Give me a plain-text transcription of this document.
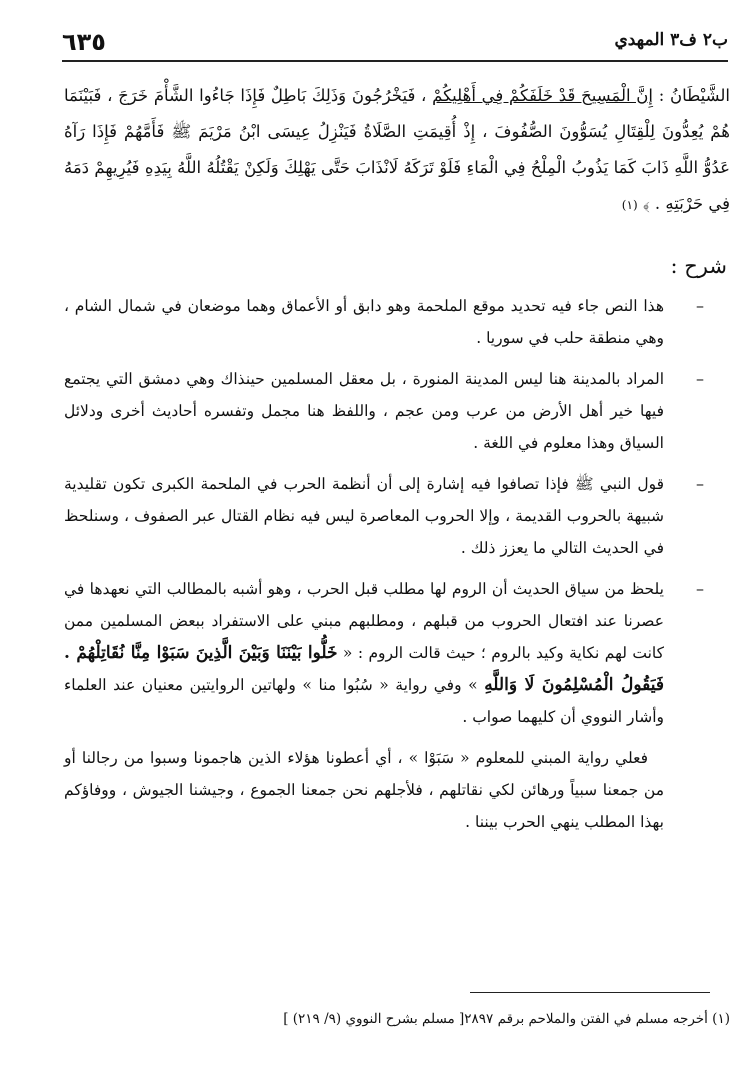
٦٣٥	ب٢ ف٣ المهدي
الشَّيْطَانُ : إِنَّ الْمَسِيحَ قَدْ خَلَفَكُمْ فِي أَهْلِيكُمْ ، فَيَخْرُجُونَ وَذَلِكَ بَاطِلٌ فَإِذَا جَاءُوا الشَّأْمَ خَرَجَ ، فَبَيْنَمَا هُمْ يُعِدُّونَ لِلْقِتَالِ يُسَوُّونَ الصُّفُوفَ ، إِذْ أُقِيمَتِ الصَّلَاةُ فَيَنْزِلُ عِيسَى ابْنُ مَرْيَمَ ﷺ فَأَمَّهُمْ فَإِذَا رَآهُ عَدُوُّ اللَّهِ ذَابَ كَمَا يَذُوبُ الْمِلْحُ فِي الْمَاءِ فَلَوْ تَرَكَهُ لَانْذَابَ حَتَّى يَهْلِكَ وَلَكِنْ يَقْتُلُهُ اللَّهُ بِيَدِهِ فَيُرِيهِمْ دَمَهُ فِي حَرْبَتِهِ . ﴾ (١)
شرح :

–
هذا النص جاء فيه تحديد موقع الملحمة وهو دابق أو الأعماق وهما موضعان في شمال الشام ، وهي منطقة حلب في سوريا .

–
المراد بالمدينة هنا ليس المدينة المنورة ، بل معقل المسلمين حينذاك وهي دمشق التي يجتمع فيها خير أهل الأرض من عرب ومن عجم ، واللفظ هنا مجمل وتفسره أحاديث أخرى ودلائل السياق وهذا معلوم في اللغة .

–
قول النبي ﷺ فإذا تصافوا فيه إشارة إلى أن أنظمة الحرب في الملحمة الكبرى تكون تقليدية شبيهة بالحروب القديمة ، وإلا الحروب المعاصرة ليس فيه نظام القتال عبر الصفوف ، وسنلحظ في الحديث التالي ما يعزز ذلك .

–
يلحظ من سياق الحديث أن الروم لها مطلب قبل الحرب ، وهو أشبه بالمطالب التي نعهدها في عصرنا عند افتعال الحروب من قبلهم ، ومطلبهم مبني على الاستفراد ببعض المسلمين ممن كانت لهم نكاية وكيد بالروم ؛ حيث قالت الروم : « خَلُّوا بَيْنَنَا وَبَيْنَ الَّذِينَ سَبَوْا مِنَّا نُقَاتِلْهُمْ . فَيَقُولُ الْمُسْلِمُونَ لَا وَاللَّهِ » وفي رواية « سُبُوا منا » ولهاتين الروايتين معنيان عند العلماء وأشار النووي أن كليهما صواب .

فعلي رواية المبني للمعلوم « سَبَوْا » ، أي أعطونا هؤلاء الذين هاجمونا وسبوا من رجالنا أو من جمعنا سبياً ورهائن لكي نقاتلهم ، فلأجلهم نحن جمعنا الجموع ، وجيشنا الجيوش ، ووفاؤكم بهذا المطلب ينهي الحرب بيننا .

(١) أخرجه مسلم في الفتن والملاحم برقم ٢٨٩٧[ مسلم بشرح النووي (٩/ ٢١٩) ]
